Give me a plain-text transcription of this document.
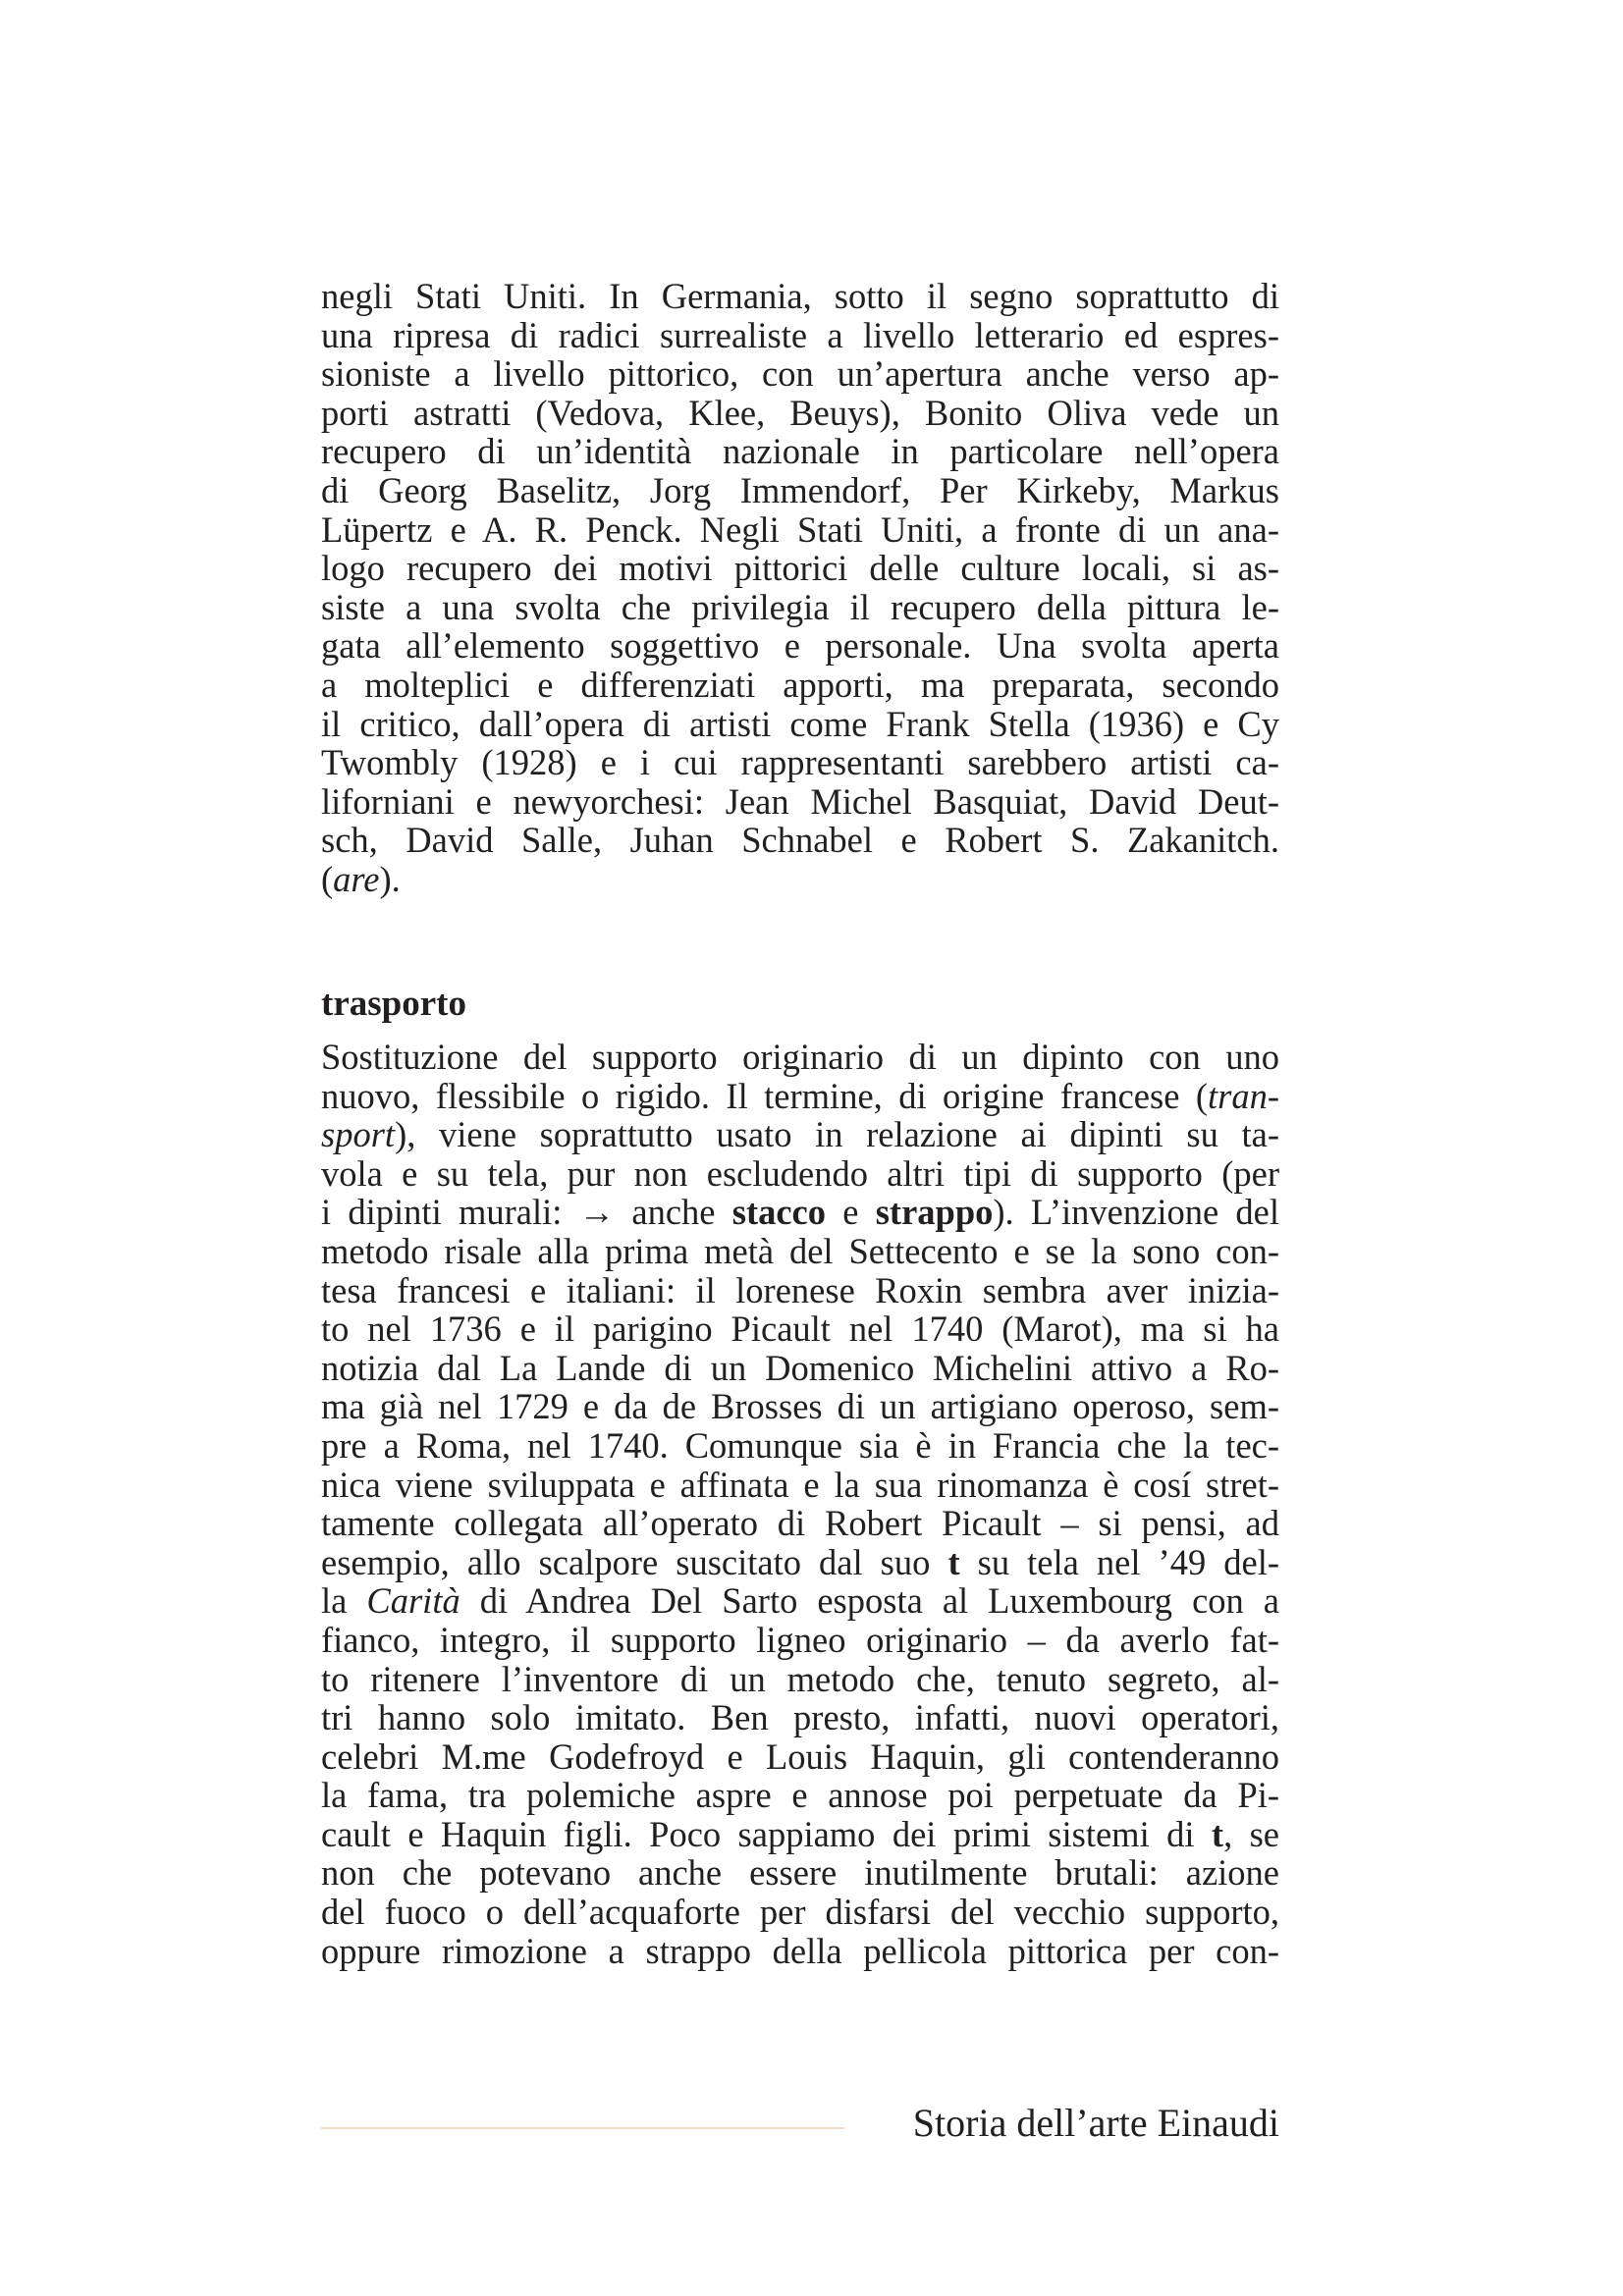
negli Stati Uniti. In Germania, sotto il segno soprattutto di
una ripresa di radici surrealiste a livello letterario ed espres-
sioniste a livello pittorico, con un’apertura anche verso ap-
porti astratti (Vedova, Klee, Beuys), Bonito Oliva vede un
recupero di un’identità nazionale in particolare nell’opera
di Georg Baselitz, Jorg Immendorf, Per Kirkeby, Markus
Lüpertz e A. R. Penck. Negli Stati Uniti, a fronte di un ana-
logo recupero dei motivi pittorici delle culture locali, si as-
siste a una svolta che privilegia il recupero della pittura le-
gata all’elemento soggettivo e personale. Una svolta aperta
a molteplici e differenziati apporti, ma preparata, secondo
il critico, dall’opera di artisti come Frank Stella (1936) e Cy
Twombly (1928) e i cui rappresentanti sarebbero artisti ca-
liforniani e newyorchesi: Jean Michel Basquiat, David Deut-
sch, David Salle, Juhan Schnabel e Robert S. Zakanitch.
(are).
trasporto
Sostituzione del supporto originario di un dipinto con uno
nuovo, flessibile o rigido. Il termine, di origine francese (tran-
sport), viene soprattutto usato in relazione ai dipinti su ta-
vola e su tela, pur non escludendo altri tipi di supporto (per
i dipinti murali: → anche stacco e strappo). L’invenzione del
metodo risale alla prima metà del Settecento e se la sono con-
tesa francesi e italiani: il lorenese Roxin sembra aver inizia-
to nel 1736 e il parigino Picault nel 1740 (Marot), ma si ha
notizia dal La Lande di un Domenico Michelini attivo a Ro-
ma già nel 1729 e da de Brosses di un artigiano operoso, sem-
pre a Roma, nel 1740. Comunque sia è in Francia che la tec-
nica viene sviluppata e affinata e la sua rinomanza è cosí stret-
tamente collegata all’operato di Robert Picault – si pensi, ad
esempio, allo scalpore suscitato dal suo t su tela nel ’49 del-
la Carità di Andrea Del Sarto esposta al Luxembourg con a
fianco, integro, il supporto ligneo originario – da averlo fat-
to ritenere l’inventore di un metodo che, tenuto segreto, al-
tri hanno solo imitato. Ben presto, infatti, nuovi operatori,
celebri M.me Godefroyd e Louis Haquin, gli contenderanno
la fama, tra polemiche aspre e annose poi perpetuate da Pi-
cault e Haquin figli. Poco sappiamo dei primi sistemi di t, se
non che potevano anche essere inutilmente brutali: azione
del fuoco o dell’acquaforte per disfarsi del vecchio supporto,
oppure rimozione a strappo della pellicola pittorica per con-
Storia dell’arte Einaudi
